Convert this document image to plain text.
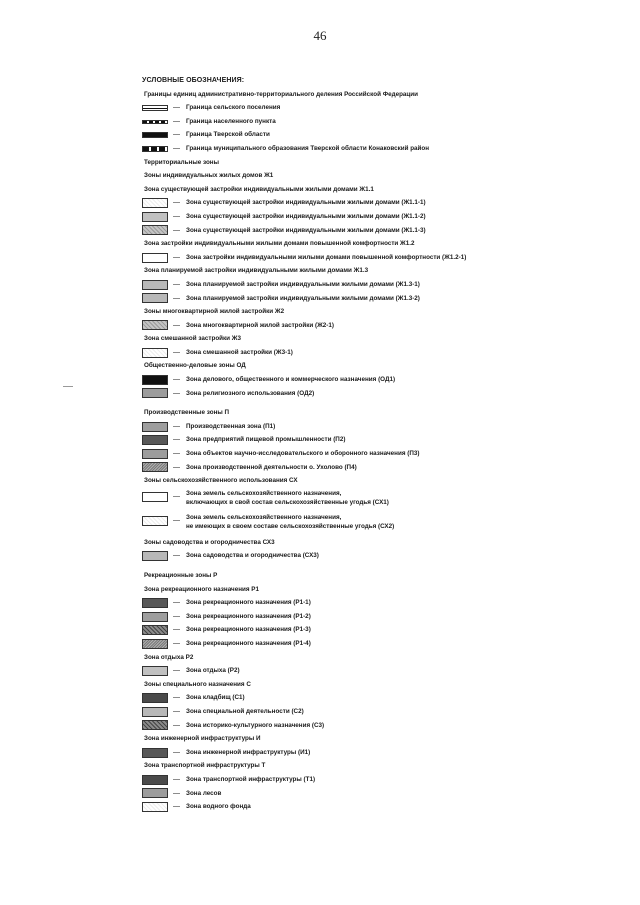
46
УСЛОВНЫЕ ОБОЗНАЧЕНИЯ:
Границы единиц административно-территориального деления Российской Федерации
— Граница сельского поселения
— Граница населенного пункта
— Граница Тверской области
— Граница муниципального образования Тверской области Конаковский район
Территориальные зоны
Зоны индивидуальных жилых домов Ж1
Зона существующей застройки индивидуальными жилыми домами Ж1.1
— Зона существующей застройки индивидуальными жилыми домами (Ж1.1-1)
— Зона существующей застройки индивидуальными жилыми домами (Ж1.1-2)
— Зона существующей застройки индивидуальными жилыми домами (Ж1.1-3)
Зона застройки индивидуальными жилыми домами повышенной комфортности Ж1.2
— Зона застройки индивидуальными жилыми домами повышенной комфортности (Ж1.2-1)
Зона планируемой застройки индивидуальными жилыми домами Ж1.3
— Зона планируемой застройки индивидуальными жилыми домами (Ж1.3-1)
— Зона планируемой застройки индивидуальными жилыми домами (Ж1.3-2)
Зоны многоквартирной жилой застройки Ж2
— Зона многоквартирной жилой застройки (Ж2-1)
Зона смешанной застройки Ж3
— Зона смешанной застройки (Ж3-1)
Общественно-деловые зоны ОД
— Зона делового, общественного и коммерческого назначения (ОД1)
— Зона религиозного использования (ОД2)
Производственные зоны П
— Производственная зона (П1)
— Зона предприятий пищевой промышленности (П2)
— Зона объектов научно-исследовательского и оборонного назначения (П3)
— Зона производственной деятельности о. Ухолово (П4)
Зоны сельскохозяйственного использования СХ
— Зона земель сельскохозяйственного назначения,
включающих в свой состав сельскохозяйственные угодья (СХ1)
— Зона земель сельскохозяйственного назначения,
не имеющих в своем составе сельскохозяйственные угодья (СХ2)
Зоны садоводства и огородничества СХ3
— Зона садоводства и огородничества (СХ3)
Рекреационные зоны Р
Зона рекреационного назначения Р1
— Зона рекреационного назначения (Р1-1)
— Зона рекреационного назначения (Р1-2)
— Зона рекреационного назначения (Р1-3)
— Зона рекреационного назначения (Р1-4)
Зона отдыха Р2
— Зона отдыха (Р2)
Зоны специального назначения С
— Зона кладбищ (С1)
— Зона специальной деятельности (С2)
— Зона историко-культурного назначения (С3)
Зона инженерной инфраструктуры И
— Зона инженерной инфраструктуры (И1)
Зона транспортной инфраструктуры Т
— Зона транспортной инфраструктуры (Т1)
— Зона лесов
— Зона водного фонда
